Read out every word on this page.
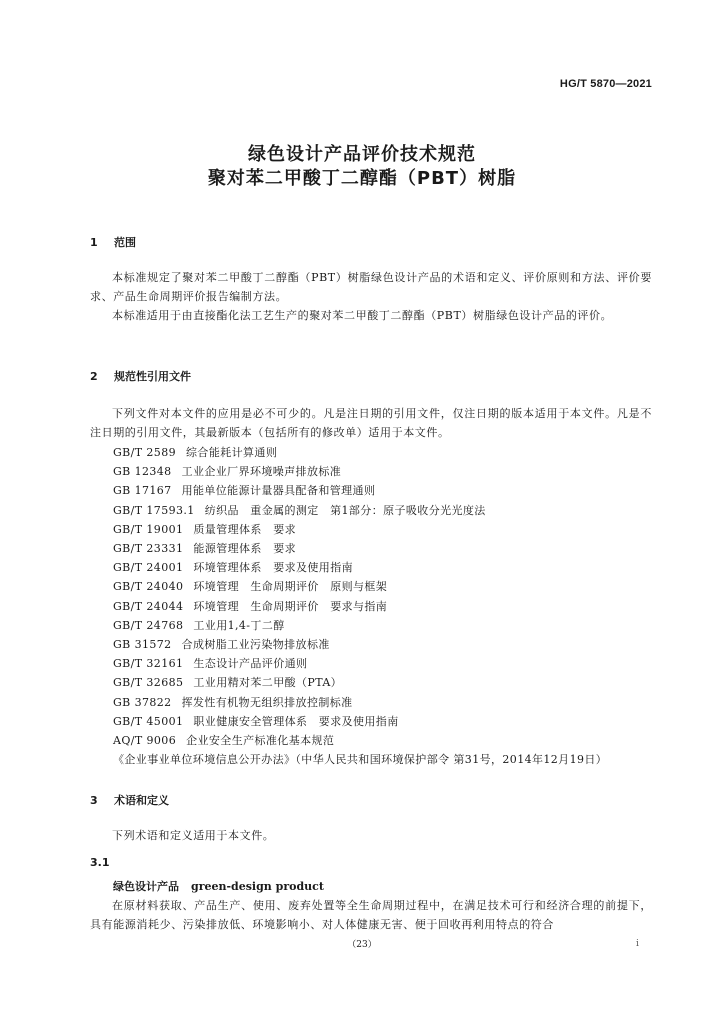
HG/T 5870—2021
绿色设计产品评价技术规范
聚对苯二甲酸丁二醇酯（PBT）树脂
1 范围

本标准规定了聚对苯二甲酸丁二醇酯（PBT）树脂绿色设计产品的术语和定义、评价原则和方法、评价要求、产品生命周期评价报告编制方法。

本标准适用于由直接酯化法工艺生产的聚对苯二甲酸丁二醇酯（PBT）树脂绿色设计产品的评价。

2 规范性引用文件

下列文件对本文件的应用是必不可少的。凡是注日期的引用文件，仅注日期的版本适用于本文件。凡是不注日期的引用文件，其最新版本（包括所有的修改单）适用于本文件。

GB/T 2589 综合能耗计算通则
GB 12348 工业企业厂界环境噪声排放标准
GB 17167 用能单位能源计量器具配备和管理通则
GB/T 17593.1 纺织品　重金属的测定　第1部分：原子吸收分光光度法
GB/T 19001 质量管理体系　要求
GB/T 23331 能源管理体系　要求
GB/T 24001 环境管理体系　要求及使用指南
GB/T 24040 环境管理　生命周期评价　原则与框架
GB/T 24044 环境管理　生命周期评价　要求与指南
GB/T 24768 工业用1,4-丁二醇
GB 31572 合成树脂工业污染物排放标准
GB/T 32161 生态设计产品评价通则
GB/T 32685 工业用精对苯二甲酸（PTA）
GB 37822 挥发性有机物无组织排放控制标准
GB/T 45001 职业健康安全管理体系　要求及使用指南
AQ/T 9006 企业安全生产标准化基本规范
《企业事业单位环境信息公开办法》（中华人民共和国环境保护部令 第31号，2014年12月19日）
3 术语和定义

下列术语和定义适用于本文件。

3.1
绿色设计产品 green-design product

在原材料获取、产品生产、使用、废弃处置等全生命周期过程中，在满足技术可行和经济合理的前提下，具有能源消耗少、污染排放低、环境影响小、对人体健康无害、便于回收再利用特点的符合

（23）	ⅰ
